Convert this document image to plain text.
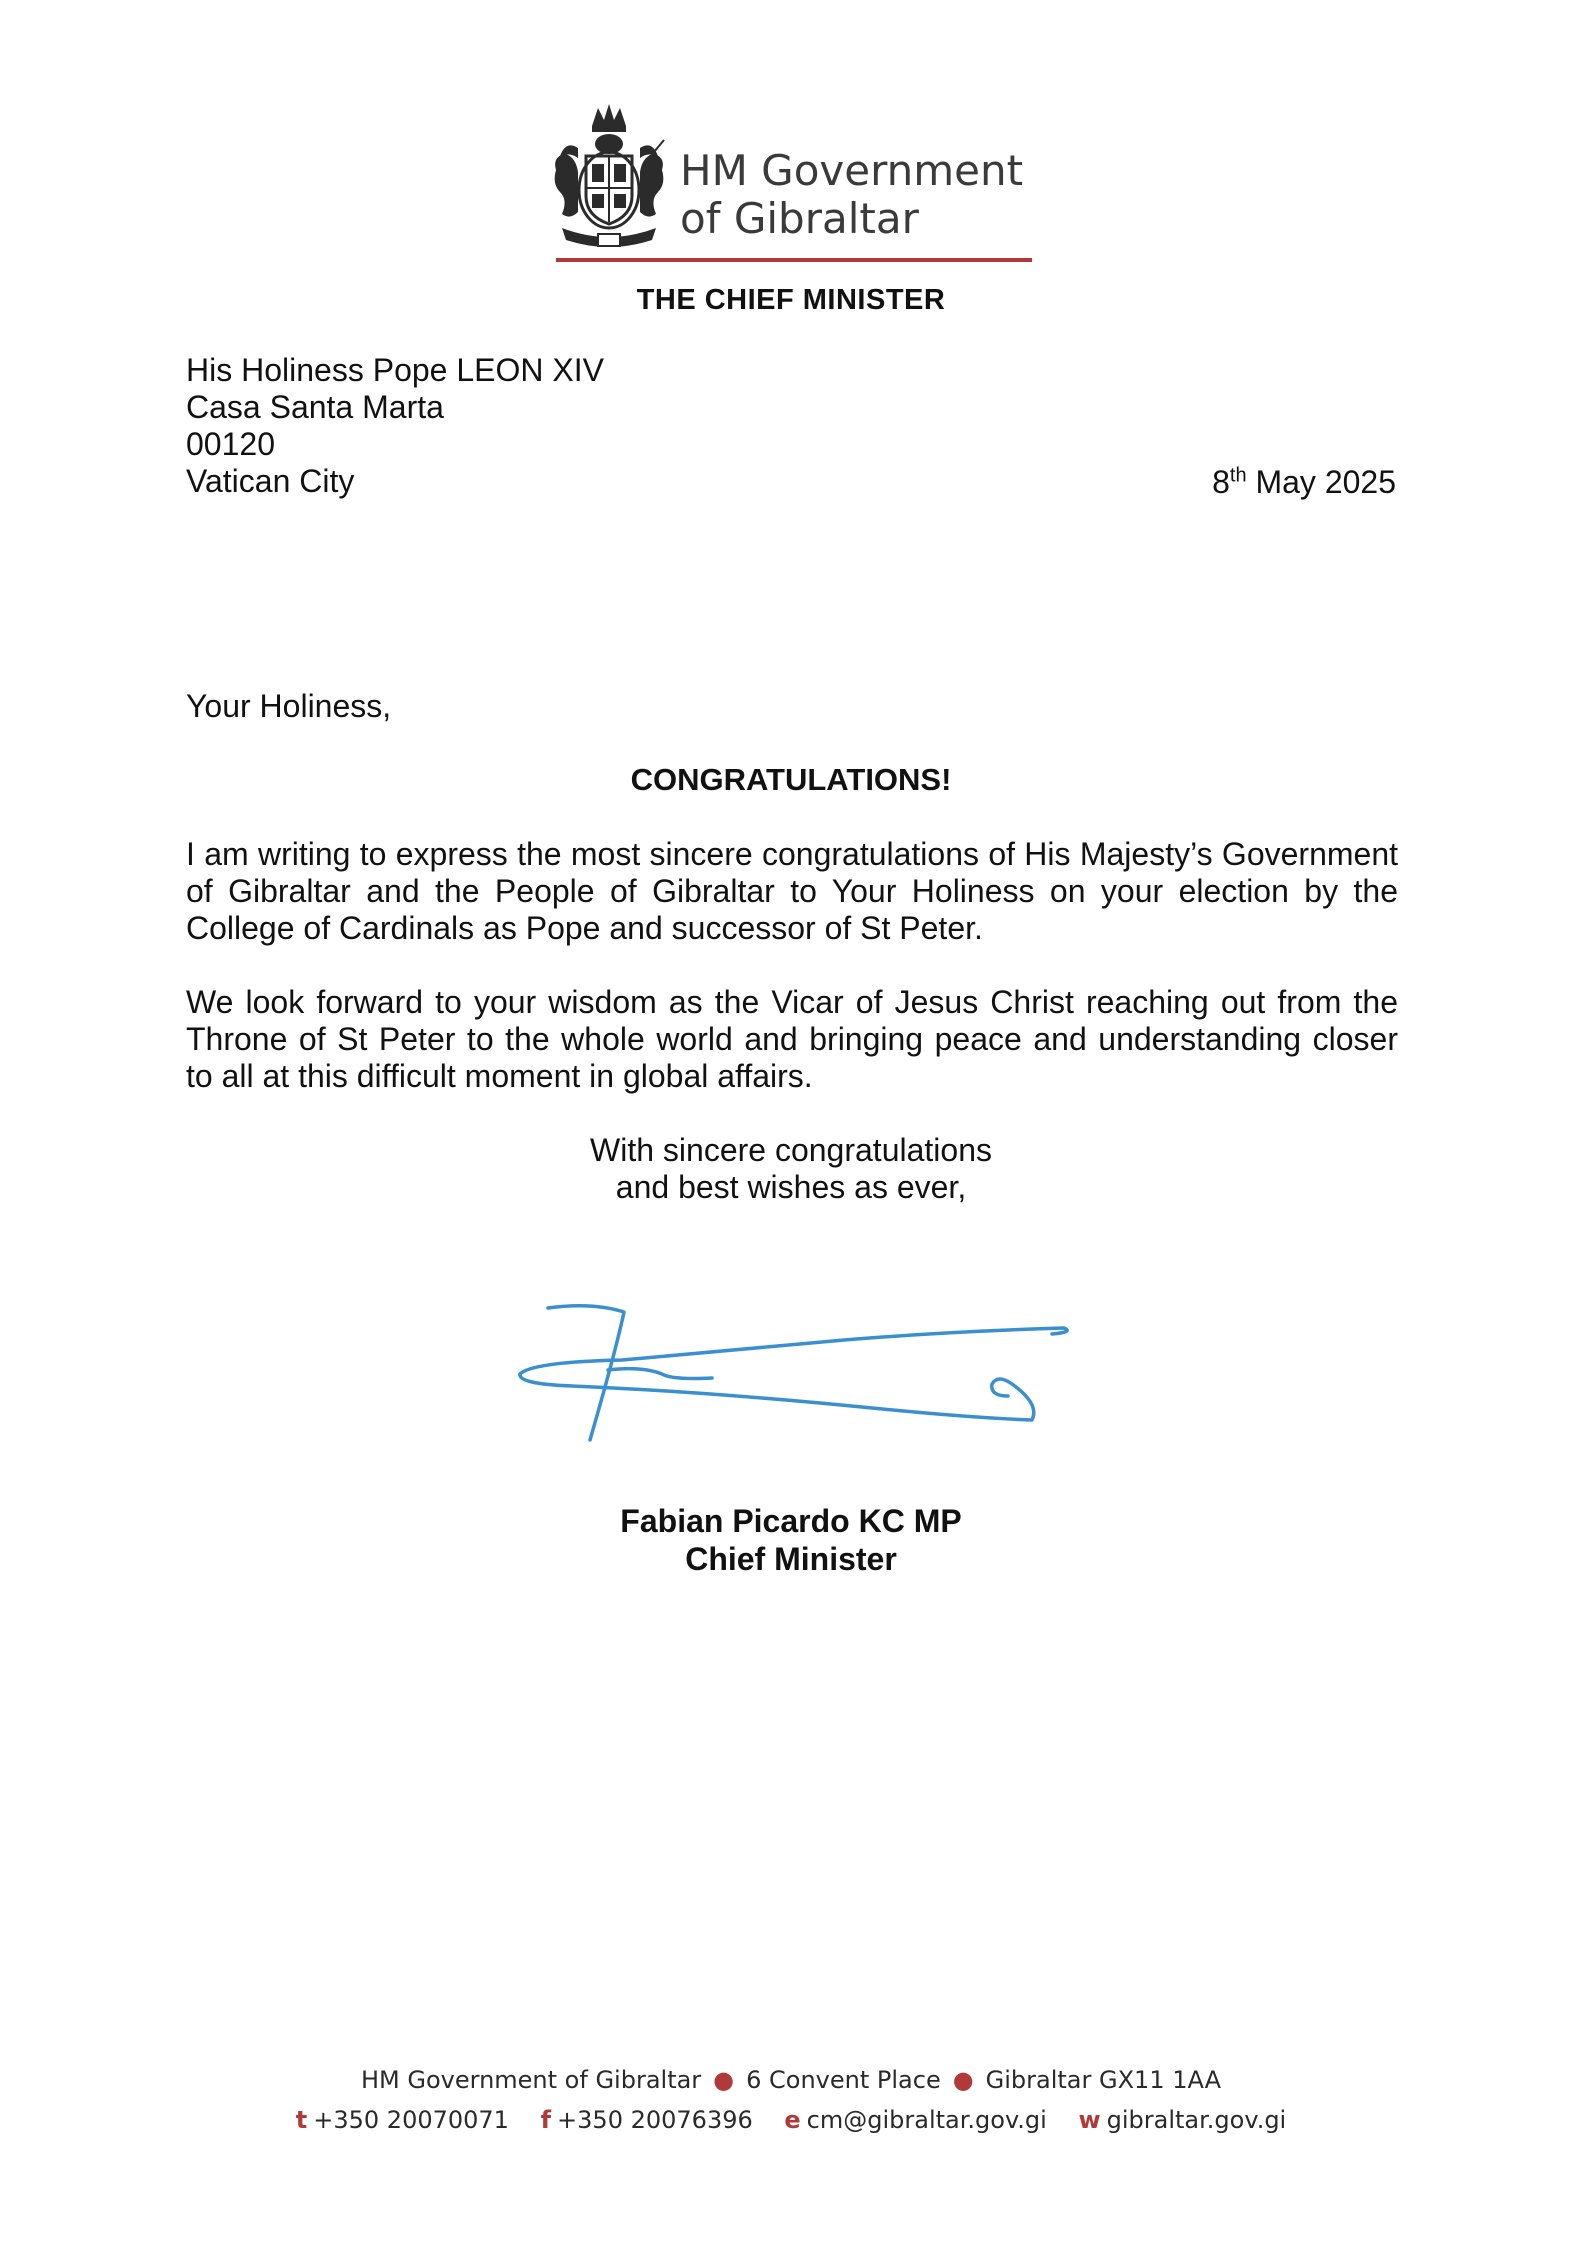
HM Government
of Gibraltar
THE CHIEF MINISTER
His Holiness Pope LEON XIV
Casa Santa Marta
00120
Vatican City	8th May 2025
Your Holiness,
CONGRATULATIONS!
I am writing to express the most sincere congratulations of His Majesty’s Government of Gibraltar and the People of Gibraltar to Your Holiness on your election by the College of Cardinals as Pope and successor of St Peter.
We look forward to your wisdom as the Vicar of Jesus Christ reaching out from the Throne of St Peter to the whole world and bringing peace and understanding closer to all at this difficult moment in global affairs.
With sincere congratulations
and best wishes as ever,
Fabian Picardo KC MP
Chief Minister
HM Government of Gibraltar ● 6 Convent Place ● Gibraltar GX11 1AA
t +350 20070071 f +350 20076396 e cm@gibraltar.gov.gi w gibraltar.gov.gi
